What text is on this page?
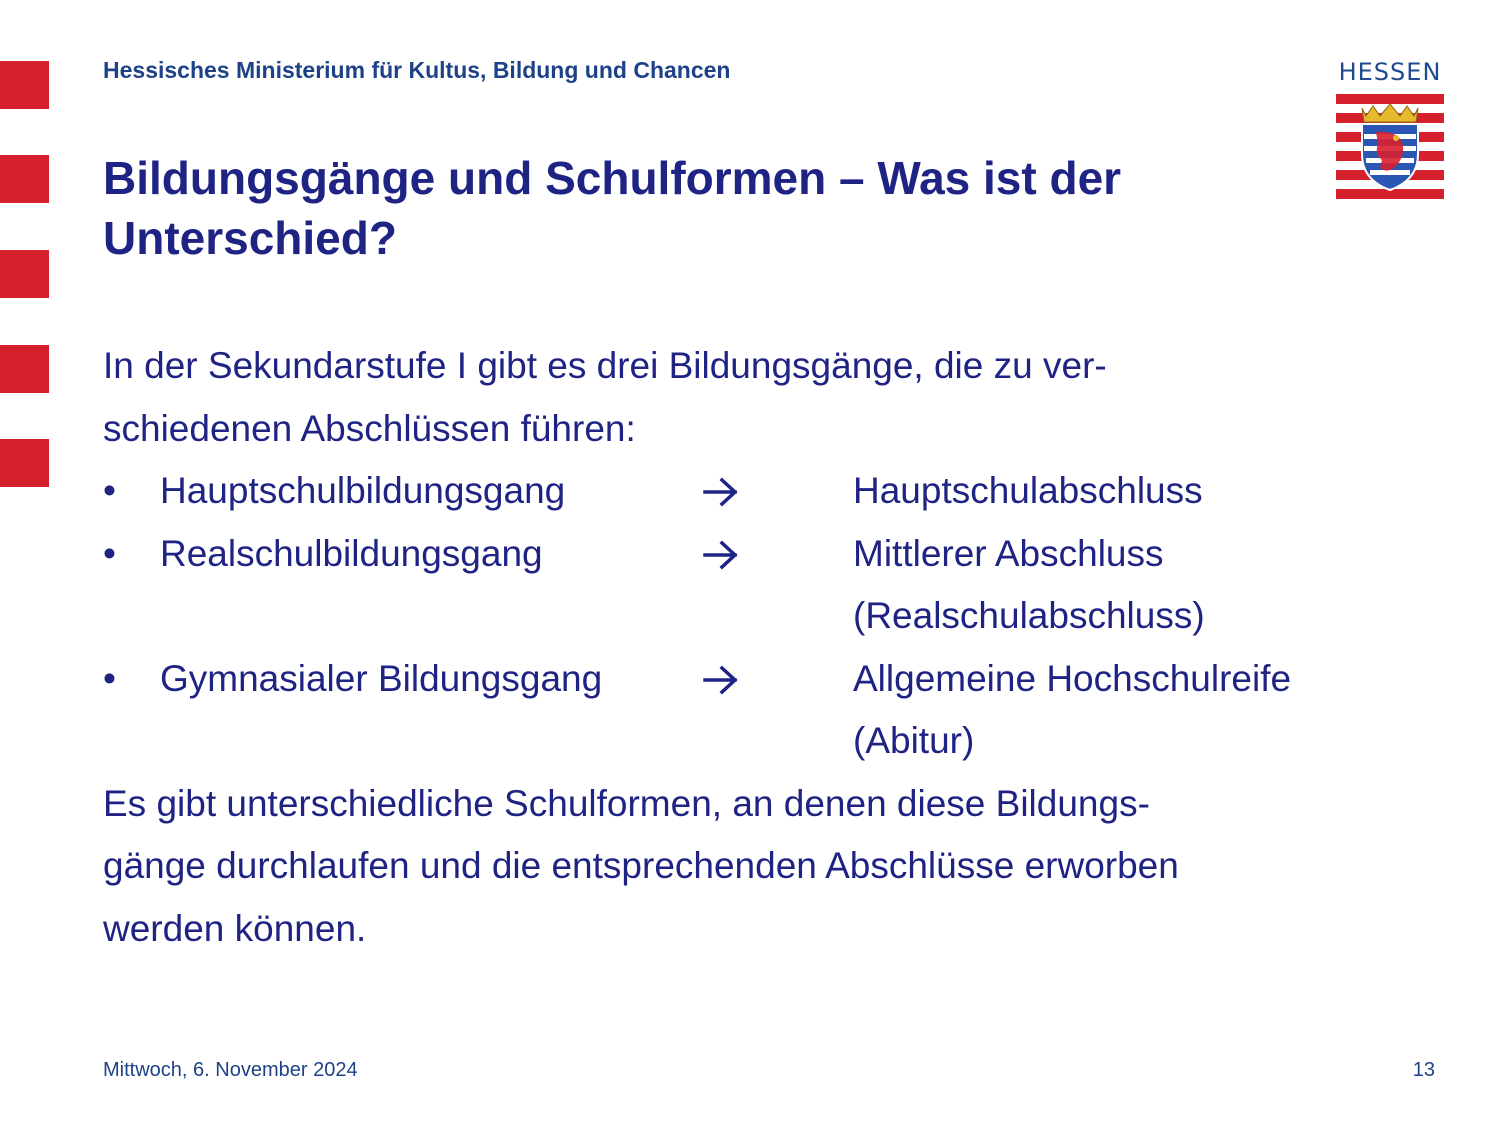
Hessisches Ministerium für Kultus, Bildung und Chancen	HESSEN
Bildungsgänge und Schulformen – Was ist der Unterschied?

In der Sekundarstufe I gibt es drei Bildungsgänge, die zu ver-
schiedenen Abschlüssen führen:

• Hauptschulbildungsgang	Hauptschulabschluss
• Realschulbildungsgang	Mittlerer Abschluss
(Realschulabschluss)
• Gymnasialer Bildungsgang	Allgemeine Hochschulreife
(Abitur)

Es gibt unterschiedliche Schulformen, an denen diese Bildungs-
gänge durchlaufen und die entsprechenden Abschlüsse erworben
werden können.

Mittwoch, 6. November 2024	13
